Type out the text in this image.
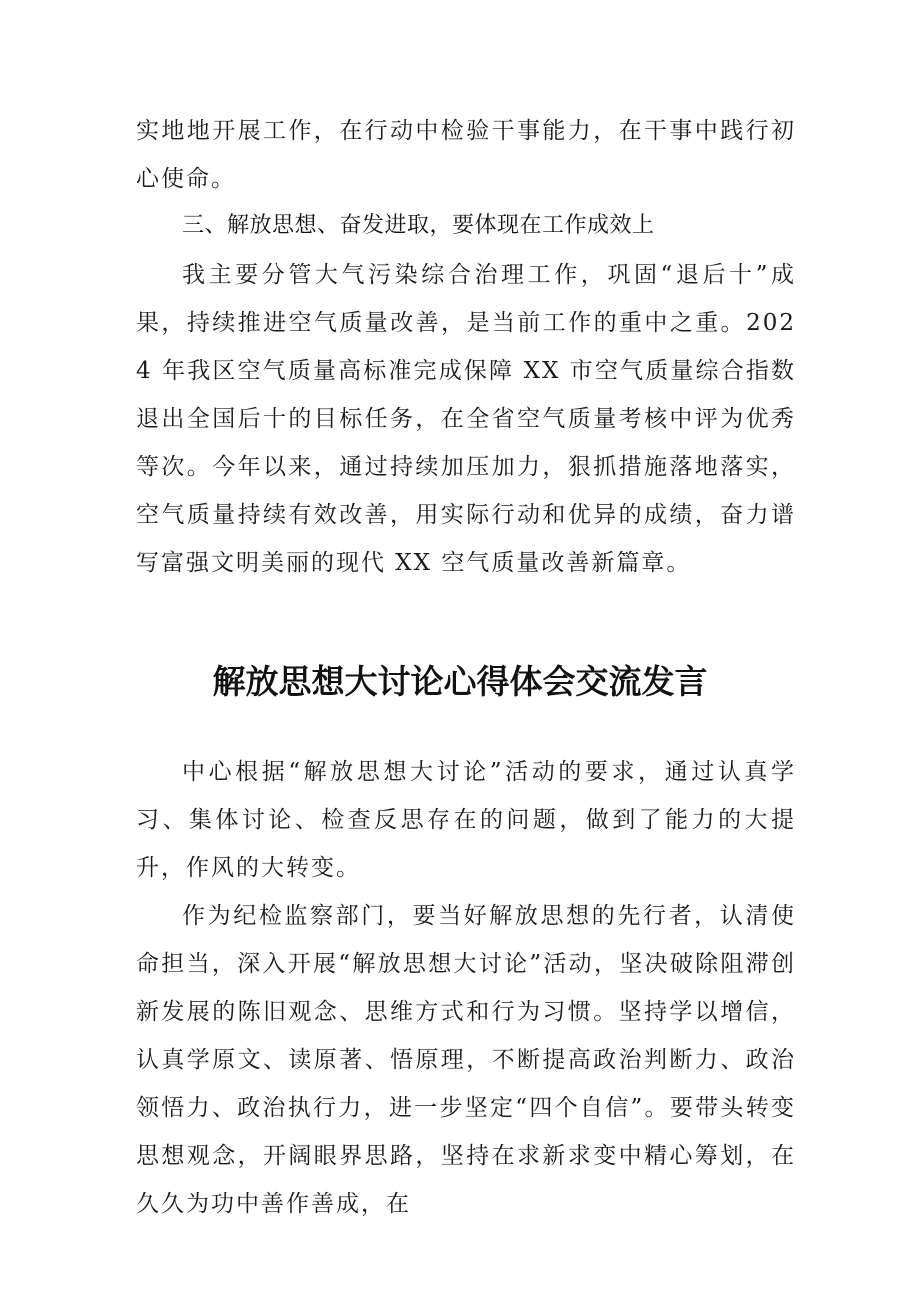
实地地开展工作，在行动中检验干事能力，在干事中践行初心使命。

三、解放思想、奋发进取，要体现在工作成效上

我主要分管大气污染综合治理工作，巩固“退后十”成果，持续推进空气质量改善，是当前工作的重中之重。2024 年我区空气质量高标准完成保障 XX 市空气质量综合指数退出全国后十的目标任务，在全省空气质量考核中评为优秀等次。今年以来，通过持续加压加力，狠抓措施落地落实，空气质量持续有效改善，用实际行动和优异的成绩，奋力谱写富强文明美丽的现代 XX 空气质量改善新篇章。

解放思想大讨论心得体会交流发言

中心根据“解放思想大讨论”活动的要求，通过认真学习、集体讨论、检查反思存在的问题，做到了能力的大提升，作风的大转变。

作为纪检监察部门，要当好解放思想的先行者，认清使命担当，深入开展“解放思想大讨论”活动，坚决破除阻滞创新发展的陈旧观念、思维方式和行为习惯。坚持学以增信，认真学原文、读原著、悟原理，不断提高政治判断力、政治领悟力、政治执行力，进一步坚定“四个自信”。要带头转变思想观念，开阔眼界思路，坚持在求新求变中精心筹划，在久久为功中善作善成，在
